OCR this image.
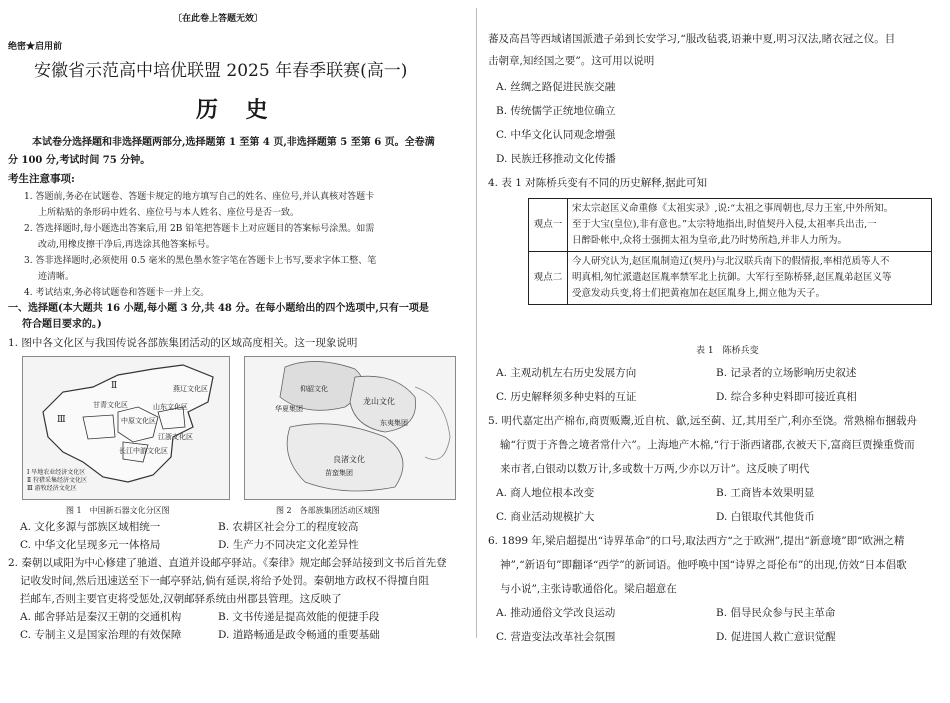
〔在此卷上答题无效〕
绝密★启用前
安徽省示范高中培优联盟 2025 年春季联赛(高一)
历 史
本试卷分选择题和非选择题两部分,选择题第 1 至第 4 页,非选择题第 5 至第 6 页。全卷满
分 100 分,考试时间 75 分钟。
考生注意事项:
1. 答题前,务必在试题卷、答题卡规定的地方填写自己的姓名、座位号,并认真核对答题卡
上所粘贴的条形码中姓名、座位号与本人姓名、座位号是否一致。
2. 答选择题时,每小题选出答案后,用 2B 铅笔把答题卡上对应题目的答案标号涂黑。如需
改动,用橡皮擦干净后,再选涂其他答案标号。
3. 答非选择题时,必须使用 0.5 毫米的黑色墨水签字笔在答题卡上书写,要求字体工整、笔
迹清晰。
4. 考试结束,务必将试题卷和答题卡一并上交。
一、选择题(本大题共 16 小题,每小题 3 分,共 48 分。在每小题给出的四个选项中,只有一项是
符合题目要求的。)
1. 图中各文化区与我国传说各部族集团活动的区域高度相关。这一现象说明
甘青文化区
中原文化区
山东文化区
燕辽文化区
江浙文化区
长江中游文化区
Ⅱ
Ⅲ
Ⅰ 旱地农业经济文化区
Ⅱ 狩猎采集经济文化区
Ⅲ 游牧经济文化区
图 1　中国新石器文化分区图
仰韶文化
龙山文化
良渚文化
华夏集团
东夷集团
苗蛮集团
图 2　各部族集团活动区域图
A. 文化多源与部族区域相统一	B. 农耕区社会分工的程度较高
C. 中华文化呈现多元一体格局	D. 生产力不同决定文化差异性
2. 秦朝以咸阳为中心修建了驰道、直道并设邮亭驿站。《秦律》规定邮会驿站接到文书后首先登
记收发时间,然后迅速送至下一邮亭驿站,倘有延误,将给予处罚。秦朝地方政权不得擅自阻
拦邮车,否则主要官吏将受惩处,汉朝邮驿系统由州郡县管理。这反映了
A. 邮舍驿站是秦汉王朝的交通机构	B. 文书传递是提高效能的便捷手段
C. 专制主义是国家治理的有效保障	D. 道路畅通是政令畅通的重要基础
蕃及高昌等西域诸国派遣子弟到长安学习,“服改毡裘,语兼中夏,明习汉法,睹衣冠之仪。目
击朝章,知经国之要”。这可用以说明
A. 丝绸之路促进民族交融
B. 传统儒学正统地位确立
C. 中华文化认同观念增强
D. 民族迁移推动文化传播
4. 表 1 对陈桥兵变有不同的历史解释,据此可知
观点一	宋太宗赵匡义命重修《太祖实录》,说:“太祖之事周朝也,尽力王室,中外所知。
至于大宝(皇位),非有意也。”太宗特地指出,时值契丹入侵,太祖率兵出击,一
日醉卧帐中,众将士强拥太祖为皇帝,此乃时势所趋,并非人力所为。

观点二	今人研究认为,赵匡胤制造辽(契丹)与北汉联兵南下的假情报,率相范质等人不
明真相,匆忙派遣赵匡胤率禁军北上抗御。大军行至陈桥驿,赵匡胤弟赵匡义等
受意发动兵变,将士们把黄袍加在赵匡胤身上,拥立他为天子。
表 1　陈桥兵变
A. 主观动机左右历史发展方向	B. 记录者的立场影响历史叙述
C. 历史解释须多种史料的互证	D. 综合多种史料即可接近真相
5. 明代嘉定出产棉布,商贾贩鬻,近自杭、歙,远至蓟、辽,其用至广,利亦至饶。常熟棉布捆载舟
输“行贾于齐鲁之境者常什六”。上海地产木棉,“行于浙西诸郡,衣被天下,富商巨贾操重赀而
来市者,白银动以数万计,多或数十万两,少亦以万计”。这反映了明代
A. 商人地位根本改变	B. 工商皆本效果明显
C. 商业活动规模扩大	D. 白银取代其他货币
6. 1899 年,梁启超提出“诗界革命”的口号,取法西方“之于欧洲”,提出“新意境”即“欧洲之精
神”,“新语句”即翻译“西学”的新词语。他呼唤中国“诗界之哥伦布”的出现,仿效“日本倡歌
与小说”,主张诗歌通俗化。梁启超意在
A. 推动通俗文学改良运动	B. 倡导民众参与民主革命
C. 营造变法改革社会氛围	D. 促进国人救亡意识觉醒
